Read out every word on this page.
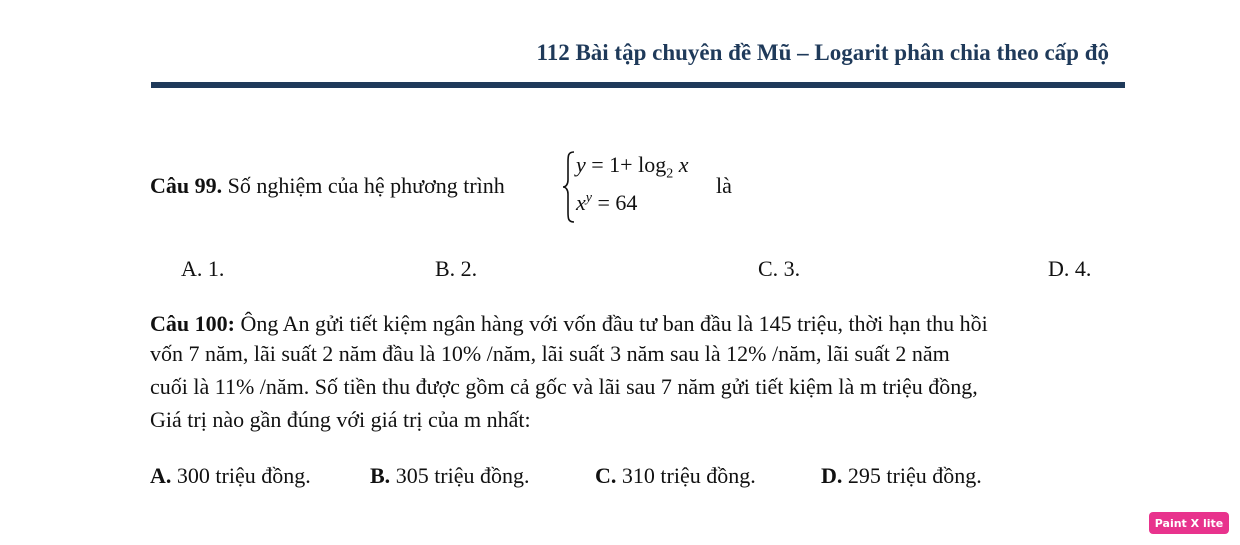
112 Bài tập chuyên đề Mũ – Logarit phân chia theo cấp độ
Câu 99. Số nghiệm của hệ phương trình
$y = 1+ \log_2 x$
$x^y = 64$
là
A. 1.	B. 2.	C. 3.	D. 4.
Câu 100: Ông An gửi tiết kiệm ngân hàng với vốn đầu tư ban đầu là 145 triệu, thời hạn thu hồi
vốn 7 năm, lãi suất 2 năm đầu là 10% /năm, lãi suất 3 năm sau là 12% /năm, lãi suất 2 năm
cuối là 11% /năm. Số tiền thu được gồm cả gốc và lãi sau 7 năm gửi tiết kiệm là m triệu đồng,
Giá trị nào gần đúng với giá trị của m nhất:
A. 300 triệu đồng.	B. 305 triệu đồng.	C. 310 triệu đồng.	D. 295 triệu đồng.
Paint X lite
